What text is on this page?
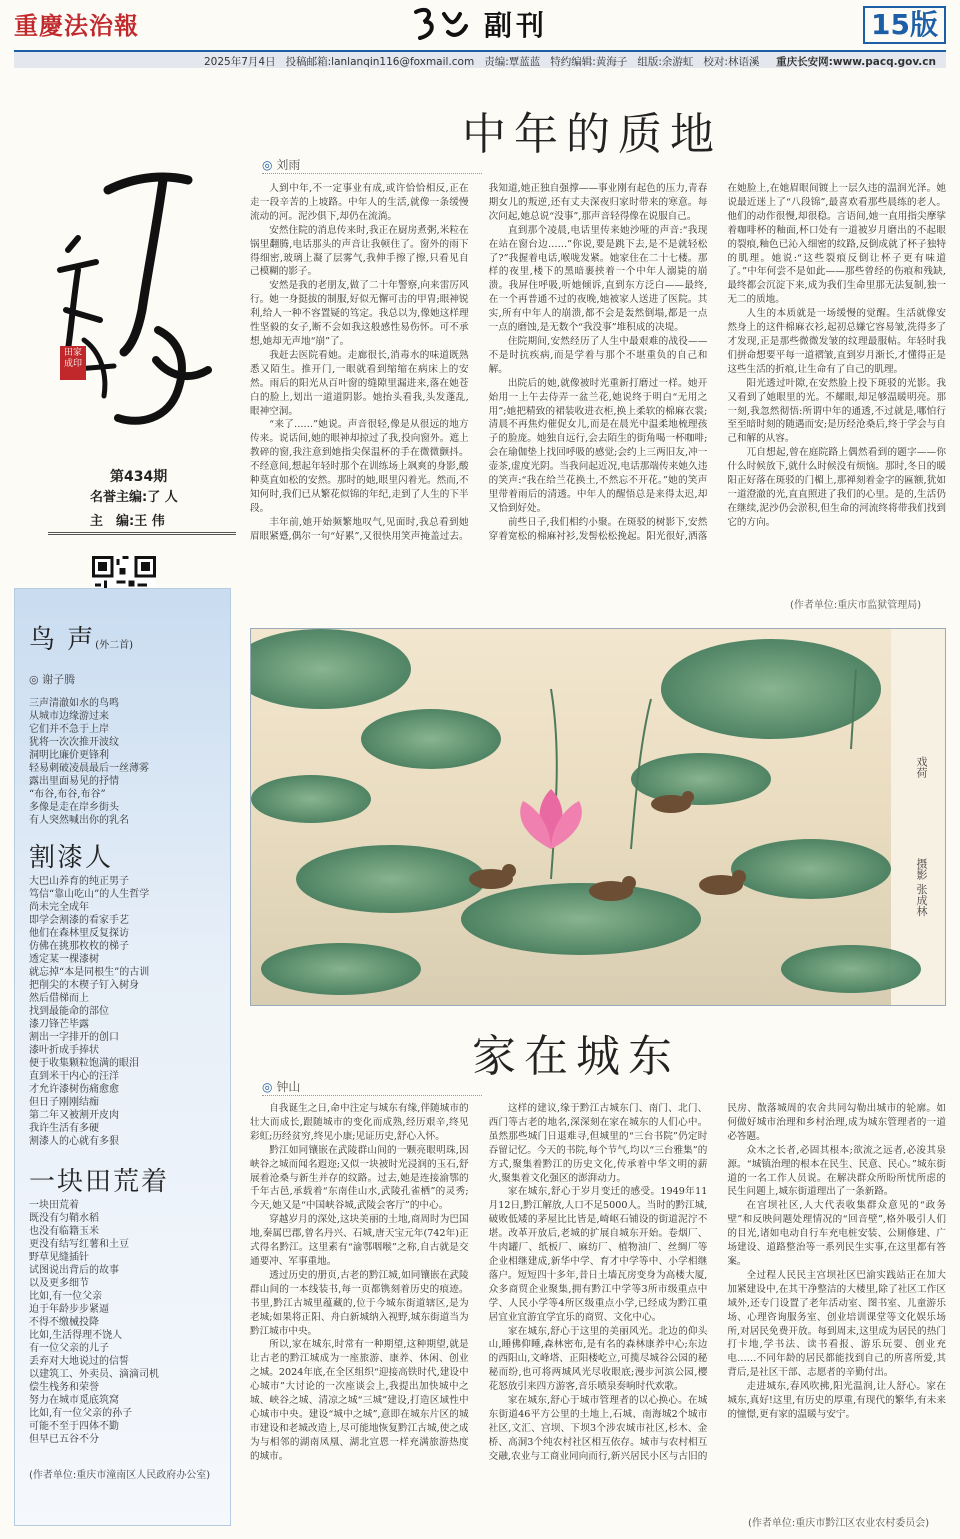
重慶法治報	副刊	15版
2025年7月4日 投稿邮箱:lanlanqin116@foxmail.com 责编:覃蓝蓝 特约编辑:黄海子 组版:余游虹 校对:林语溪 重庆长安网:www.pacq.gov.cn
田家成印
第434期
名誉主编:了 人
主　编:王 伟
鸟 声(外二首)
◎ 谢子腾
三声清澈如水的鸟鸣
从城市边缘游过来
它们并不急于上岸
犹将一次次推开波纹
洞明比廉价更锋利
轻易刺破凌晨最后一丝薄雾
露出里面易见的抒情
“布谷,布谷,布谷”
多像是走在岸乡街头
有人突然喊出你的乳名
割漆人
大巴山养育的纯正男子
笃信“靠山吃山”的人生哲学
尚未完全成年
即学会割漆的看家手艺
他们在森林里反复探访
仿佛在挑那枚枚的梯子
透定某一棵漆树
就忘掉“本是同根生”的古训
把削尖的木楔子钉入树身
然后借梯而上
找到最能命的部位
漆刀锋芒毕露
割出一字排开的创口
漆叶折成手捧状
便于收集颗粒饱满的眼泪
直到米干内心的汪洋
才允许漆树伤痛愈愈
但日子刚刚结痂
第二年又被割开皮肉
我许生活有多硬
割漆人的心就有多狠
一块田荒着
一块田荒着
既没有匀鞘水稻
也没有临籍玉米
更没有结写红薯和土豆
野草见缝插针
试图说出背后的故事
以及更多细节
比如,有一位父亲
迫于年龄步步紧逼
不得不缴械投降
比如,生活得理不饶人
有一位父亲的儿子
丢弃对大地说过的信誓
以建筑工、外卖员、滴滴司机
偿生栈务和荣誉
努力在城市觅底筑窝
比如,有一位父亲的孙子
可能不至于四体不勤
但早已五谷不分
(作者单位:重庆市潼南区人民政府办公室)
中年的质地
◎ 刘雨

人到中年,不一定事业有成,或许恰恰相反,正在走一段辛苦的上坡路。中年人的生活,就像一条缓慢流动的河。泥沙俱下,却仍在流淌。

安然住院的消息传来时,我正在厨房煮粥,米粒在锅里翻腾,电话那头的声音让我顿住了。窗外的雨下得细密,玻璃上凝了层雾气,我伸手擦了擦,只看见自己模糊的影子。

安然是我的老朋友,做了二十年警察,向来雷厉风行。她一身挺拔的制服,好似无懈可击的甲胄;眼神锐利,给人一种不容置疑的笃定。我总以为,像她这样理性坚毅的女子,断不会如我这般感性易伤怀。可不承想,她却无声地“崩”了。

我赶去医院看她。走廊很长,消毒水的味道既熟悉又陌生。推开门,一眼就看到缩缩在病床上的安然。雨后的阳光从百叶窗的缝隙里漏进来,落在她苍白的脸上,划出一道道阴影。她抬头看我,头发蓬乱,眼神空洞。

“来了……”她说。声音很轻,像是从很远的地方传来。说话间,她的眼神却掠过了我,投向窗外。遮上教碎的窗,我注意到她指尖保温杯的手在微微颤抖。不经意间,想起年轻时那个在训练场上飒爽的身影,酸种莫直如松的安然。那时的她,眼里闪着光。然而,不知何时,我们已从繁花似锦的年纪,走到了人生的下半段。

丰年前,她开始频繁地叹气,见面时,我总看到她眉眼紧蹙,偶尔一句“好累”,又很快用笑声掩盖过去。我知道,她正独自强撑——事业刚有起色的压力,青春期女儿的叛逆,还有丈夫深夜归家时带来的寒意。每次问起,她总说“没事”,那声音轻得像在说服自己。

直到那个凌晨,电话里传来她沙哑的声音:“我现在站在窗台边……”你说,要是跳下去,是不是就轻松了?”我握着电话,喉咙发紧。她家住在二十七楼。那样的夜里,楼下的黑暗裹挟着一个中年人溺毙的崩溃。我屏住呼吸,听她倾诉,直到东方泛白——最终,在一个再普通不过的夜晚,她被家人送进了医院。其实,所有中年人的崩溃,都不会是轰然倒塌,都是一点一点的磨蚀,是无数个“我没事”堆积成的决堤。

住院期间,安然经历了人生中最艰难的战役——不是时抗疾病,而是学着与那个不堪重负的自己和解。

出院后的她,就像被时光重新打磨过一样。她开始用一上午去侍弄一盆兰花,她说终于明白“无用之用”;她把精致的裙装收进衣柜,换上柔软的棉麻衣裳;清晨不再焦灼催促女儿,而是在晨光中温柔地梳理孩子的脸庞。她独自远行,会去陌生的街角喝一杯咖啡;会在瑜伽垫上找回呼吸的感觉;会约上三两旧友,冲一壶茶,虚度光阴。当我问起近况,电话那端传来她久违的笑声:“我在给兰花换土,不然忘不开花。”她的笑声里带着雨后的清透。中年人的醒悟总是来得太迟,却又恰到好处。

前些日子,我们相约小聚。在斑驳的树影下,安然穿着宽松的棉麻衬衫,发髻松松挽起。阳光很好,洒落在她脸上,在她眉眼间镀上一层久违的温润光泽。她说最近迷上了“八段锦”,最喜欢看那些晨练的老人。他们的动作很慢,却很稳。言语间,她一直用指尖摩挲着咖啡杯的釉面,杯口处有一道被岁月磨出的不起眼的裂痕,釉色已沁入细密的纹路,反倒成就了杯子独特的肌理。她说:“这些裂痕反倒让杯子更有味道了。”中年何尝不是如此——那些曾经的伤痕和残缺,最终都会沉淀下来,成为我们生命里那无法复制,独一无二的质地。

人生的本质就是一场缓慢的觉醒。生活就像安然身上的这件棉麻衣衫,起初总嫌它容易皱,洗得多了才发现,正是那些微微发皱的纹理最服帖。年轻时我们拼命想要平每一道褶皱,直到岁月渐长,才懂得正是这些生活的折痕,让生命有了自己的肌理。

阳光透过叶隙,在安然脸上投下斑驳的光影。我又看到了她眼里的光。不耀眼,却足够温暖明亮。那一刻,我忽然彻悟:所谓中年的通透,不过就是,哪怕行至至暗时刻的随遇而安;是历经沧桑后,终于学会与自己和解的从容。

兀自想起,曾在庭院路上偶然看到的题字——你什么时候放下,就什么时候没有烦恼。那时,冬日的暖阳正好落在斑驳的门楣上,那禅刻着金字的匾额,犹如一道澄澈的光,直直照进了我们的心里。是的,生活仍在继续,泥沙仍会淤积,但生命的河流终将带我们找到它的方向。

(作者单位:重庆市监狱管理局)
戏荷
摄影 张成林
家在城东
◎ 钟山

自我诞生之日,命中注定与城东有缘,伴随城市的壮大而成长,跟随城市的变化而成熟,经历艰辛,终见彩虹;历经贫穷,终见小康;见证历史,舒心入怀。

黔江如同镶嵌在武陵群山间的一颗亮眼明珠,因峡谷之城而闻名遐迩;又似一块被时光浸润的玉石,舒展着沧桑与新生并存的纹路。过去,她是连接渝鄂的千年古邑,承载着“东南佳山水,武陵孔雀栖”的灵秀;今天,她又是“中国峡谷城,武陵会客厅”的中心。

穿越岁月的深处,这块美丽的土地,商周时为巴国地,秦属巴郡,曾名丹兴、石城,唐天宝元年(742年)正式得名黔江。这里素有“渝鄂咽喉”之称,自古就是交通要冲、军事重地。

透过历史的册页,古老的黔江城,如同镶嵌在武陵群山间的一本线装书,每一页都镌刻着历史的痕迹。书里,黔江古城里蕴藏的,位于今城东街道辖区,是为老城;如果将正阳、舟白新城纳入视野,城东街道当为黔江城市中央。

所以,家在城东,时常有一种期望,这种期望,就是让古老的黔江城成为一座旅游、康养、休闲、创业之城。2024年底,在全区组织“迎接高铁时代,建设中心城市”大讨论的一次座谈会上,我提出加快城中之城、峡谷之城、清凉之城“三城”建设,打造区域性中心城市中央。建设“城中之城”,意即在城东片区的城市建设和老城改造上,尽可能地恢复黔江古城,使之成为与相邻的湖南凤凰、湖北宣恩一样充满旅游热度的城市。

这样的建议,缘于黔江古城东门、南门、北门、西门等古老的地名,深深刻在家在城东的人们心中。虽然那些城门日退难寻,但城里的“三台书院”仍定时吞留记忆。今天的书院,每个节气,均以“三台雅集”的方式,聚集着黔江的历史文化,传承着中华文明的薪火,聚集着文化强区的澎湃动力。

家在城东,舒心于岁月变迁的感受。1949年11月12日,黔江解放,人口不足5000人。当时的黔江城,破败低矮的茅屋比比皆是,崎岖石铺设的街道泥泞不堪。改革开放后,老城的扩展自城东开始。卷烟厂、牛肉罐厂、纸板厂、麻纺厂、植物油厂、丝绸厂等企业相继建成,新华中学、育才中学等中、小学相继落户。短短四十多年,昔日土墙瓦房变身为高楼大厦,众多商贸企业聚集,拥有黔江中学等3所市级重点中学、人民小学等4所区级重点小学,已经成为黔江重居宜业宜游宜学宜乐的商贸、文化中心。

家在城东,舒心于这里的美丽风光。北边的仰头山,睡佛仰睡,森林密布,是有名的森林康养中心;东边的西阳山,文峰塔、正阳楼屹立,可揽尽城谷公园的秘秘而纷,也可将两城风光尽收眼底;漫步河滨公园,樱花怒放引来四方游客,音乐喷泉奏响时代欢歌。

家在城东,舒心于城市管理者的以心换心。在城东街道46平方公里的土地上,石城、南海城2个城市社区,文汇、宫坝、下坝3个涉农城市社区,杉木、金桥、高洞3个纯农村社区相互依存。城市与农村相互交融,农业与工商业同向而行,新兴居民小区与古旧的民房、散落城周的农舍共同勾勒出城市的轮廓。如何做好城市治理和乡村治理,成为城东管理者的一道必答题。

众木之长者,必固其根本;欲流之远者,必浚其泉源。“城镇治理的根本在民生、民意、民心。”城东街道的一名工作人员说。在解决群众所盼所忧所虑的民生问题上,城东街道理出了一条新路。

在宫坝社区,人大代表收集群众意见的“政务壁”和反映问题处理情况的“回音壁”,格外吸引人们的目光,诸如电动自行车充电桩安装、公厕修建、广场建设、道路整治等一系列民生实事,在这里都有答案。

全过程人民民主宫坝社区巴渝实践站正在加大加紧建设中,在其干净整洁的大楼里,除了社区工作区域外,还专门设置了老年活动室、图书室、儿童游乐场、心理咨询服务室、创业培训课堂等文化娱乐场所,对居民免费开放。每到周末,这里成为居民的热门打卡地,学书法、读书看报、游乐玩耍、创业充电……不同年龄的居民都能找到自己的所喜所爱,其背后,是社区干部、志愿者的辛勤付出。

走进城东,春风吹拂,阳光温润,让人舒心。家在城东,真好!这里,有历史的厚重,有现代的繁华,有未来的憧憬,更有家的温暖与安宁。

(作者单位:重庆市黔江区农业农村委员会)
